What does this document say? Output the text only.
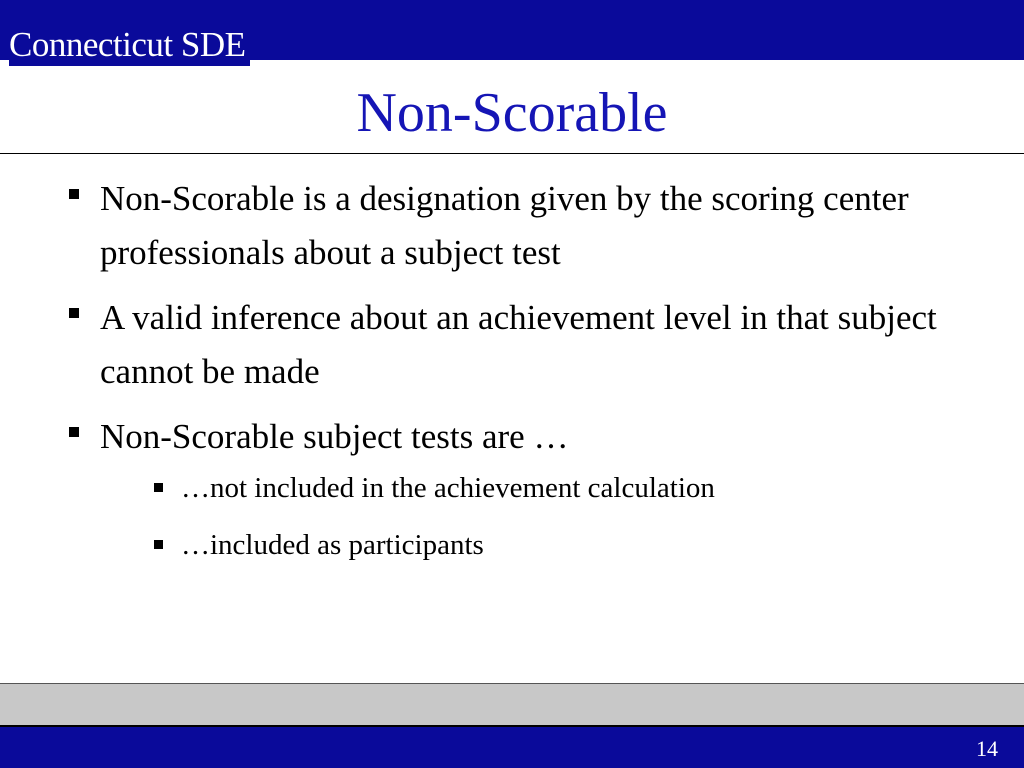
Connecticut SDE
Non-Scorable
Non-Scorable is a designation given by the scoring center professionals about a subject test
A valid inference about an achievement level in that subject cannot be made
Non-Scorable subject tests are …
…not included in the achievement calculation
…included as participants
14
